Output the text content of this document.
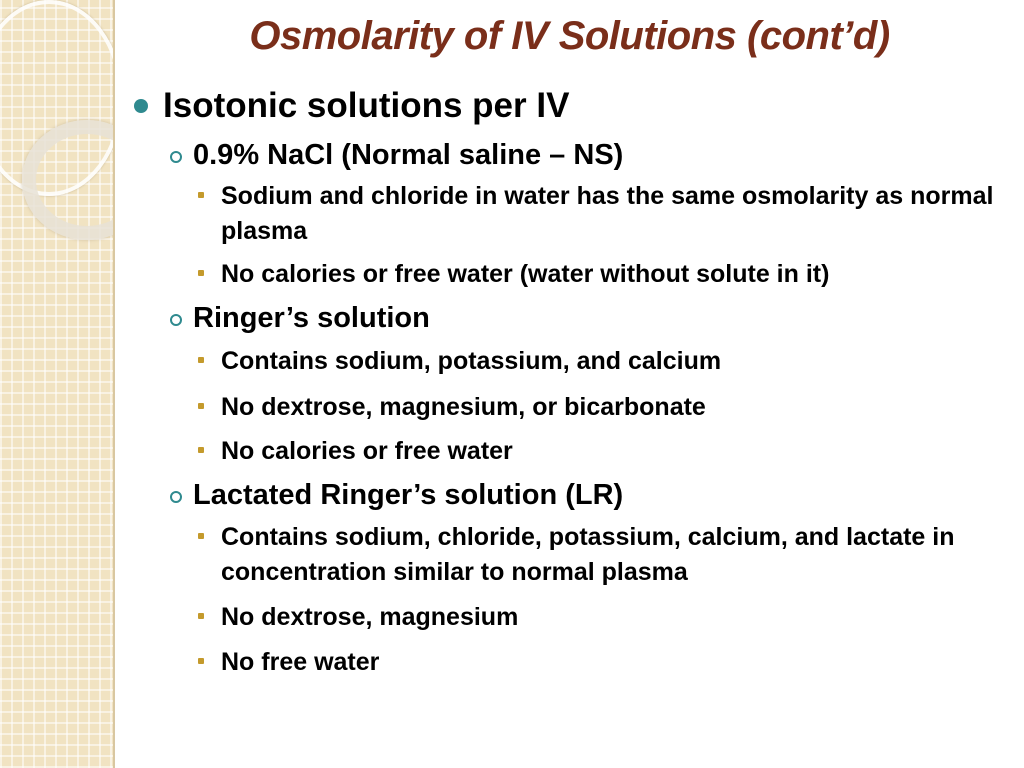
Osmolarity of IV Solutions (cont’d)
Isotonic solutions per IV
0.9% NaCl (Normal saline – NS)
Sodium and chloride in water has the same osmolarity as normal plasma
No calories or free water (water without solute in it)
Ringer’s solution
Contains sodium, potassium, and calcium
No dextrose, magnesium, or bicarbonate
No calories or free water
Lactated Ringer’s solution (LR)
Contains sodium, chloride, potassium, calcium, and lactate in concentration similar to normal plasma
No dextrose, magnesium
No free water
